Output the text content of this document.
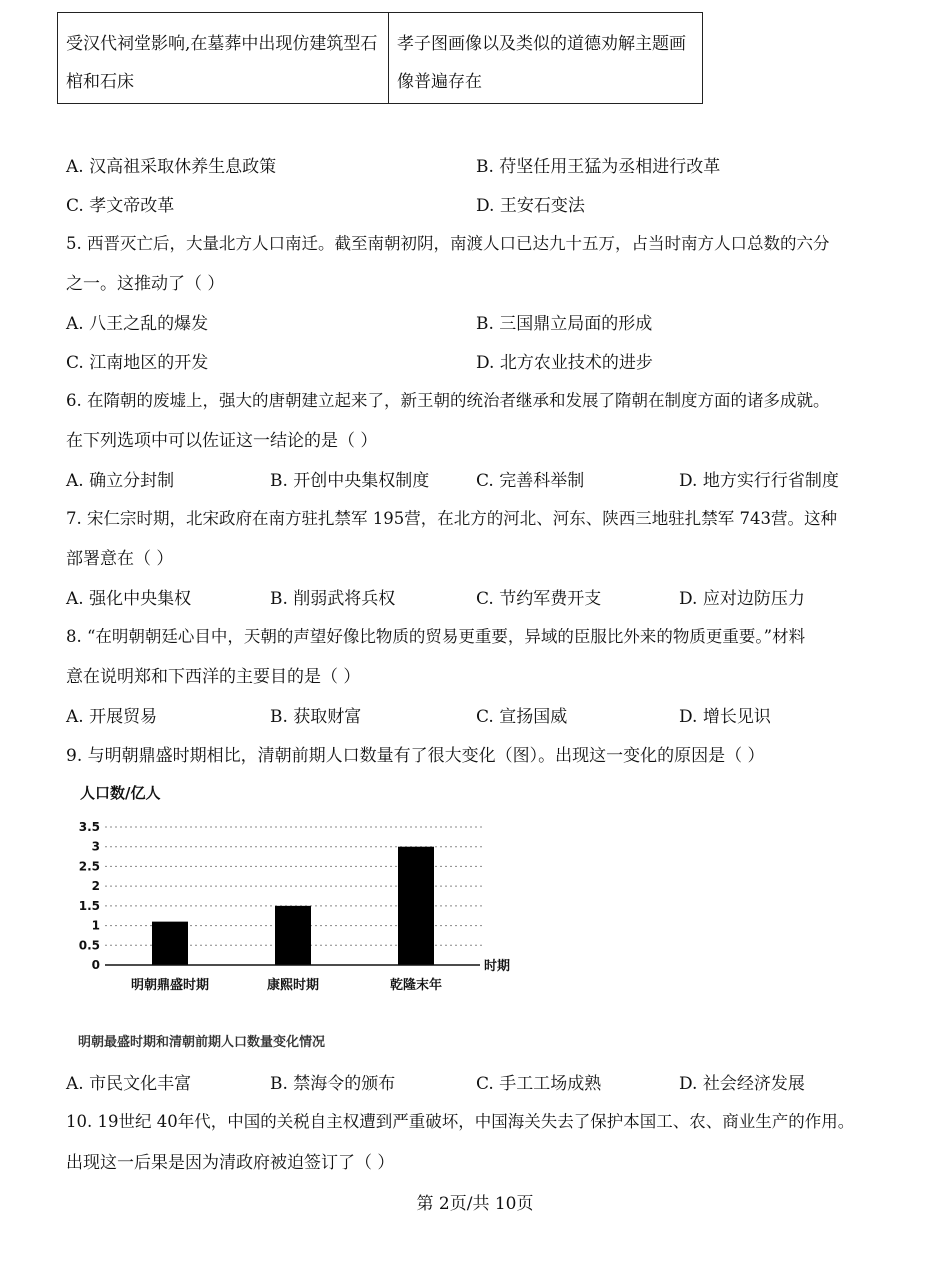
受汉代祠堂影响,在墓葬中出现仿建筑型石棺和石床	孝子图画像以及类似的道德劝解主题画像普遍存在
A. 汉高祖采取休养生息政策	B. 苻坚任用王猛为丞相进行改革
C. 孝文帝改革	D. 王安石变法
5. 西晋灭亡后，大量北方人口南迁。截至南朝初阴，南渡人口已达九十五万，占当时南方人口总数的六分
之一。这推动了（ ）
A. 八王之乱的爆发	B. 三国鼎立局面的形成
C. 江南地区的开发	D. 北方农业技术的进步
6. 在隋朝的废墟上，强大的唐朝建立起来了，新王朝的统治者继承和发展了隋朝在制度方面的诸多成就。
在下列选项中可以佐证这一结论的是（ ）
A. 确立分封制	B. 开创中央集权制度	C. 完善科举制	D. 地方实行行省制度
7. 宋仁宗时期，北宋政府在南方驻扎禁军 195营，在北方的河北、河东、陕西三地驻扎禁军 743营。这种
部署意在（ ）
A. 强化中央集权	B. 削弱武将兵权	C. 节约军费开支	D. 应对边防压力
8. “在明朝朝廷心目中，天朝的声望好像比物质的贸易更重要，异域的臣服比外来的物质更重要。”材料
意在说明郑和下西洋的主要目的是（ ）
A. 开展贸易	B. 获取财富	C. 宣扬国威	D. 增长见识
9. 与明朝鼎盛时期相比，清朝前期人口数量有了很大变化（图）。出现这一变化的原因是（ ）
人口数/亿人
0
0.5
1
1.5
2
2.5
3
3.5
明朝鼎盛时期	康熙时期	乾隆末年
时期
明朝最盛时期和清朝前期人口数量变化情况
A. 市民文化丰富	B. 禁海令的颁布	C. 手工工场成熟	D. 社会经济发展
10. 19世纪 40年代，中国的关税自主权遭到严重破坏，中国海关失去了保护本国工、农、商业生产的作用。
出现这一后果是因为清政府被迫签订了（ ）
第 2页/共 10页
